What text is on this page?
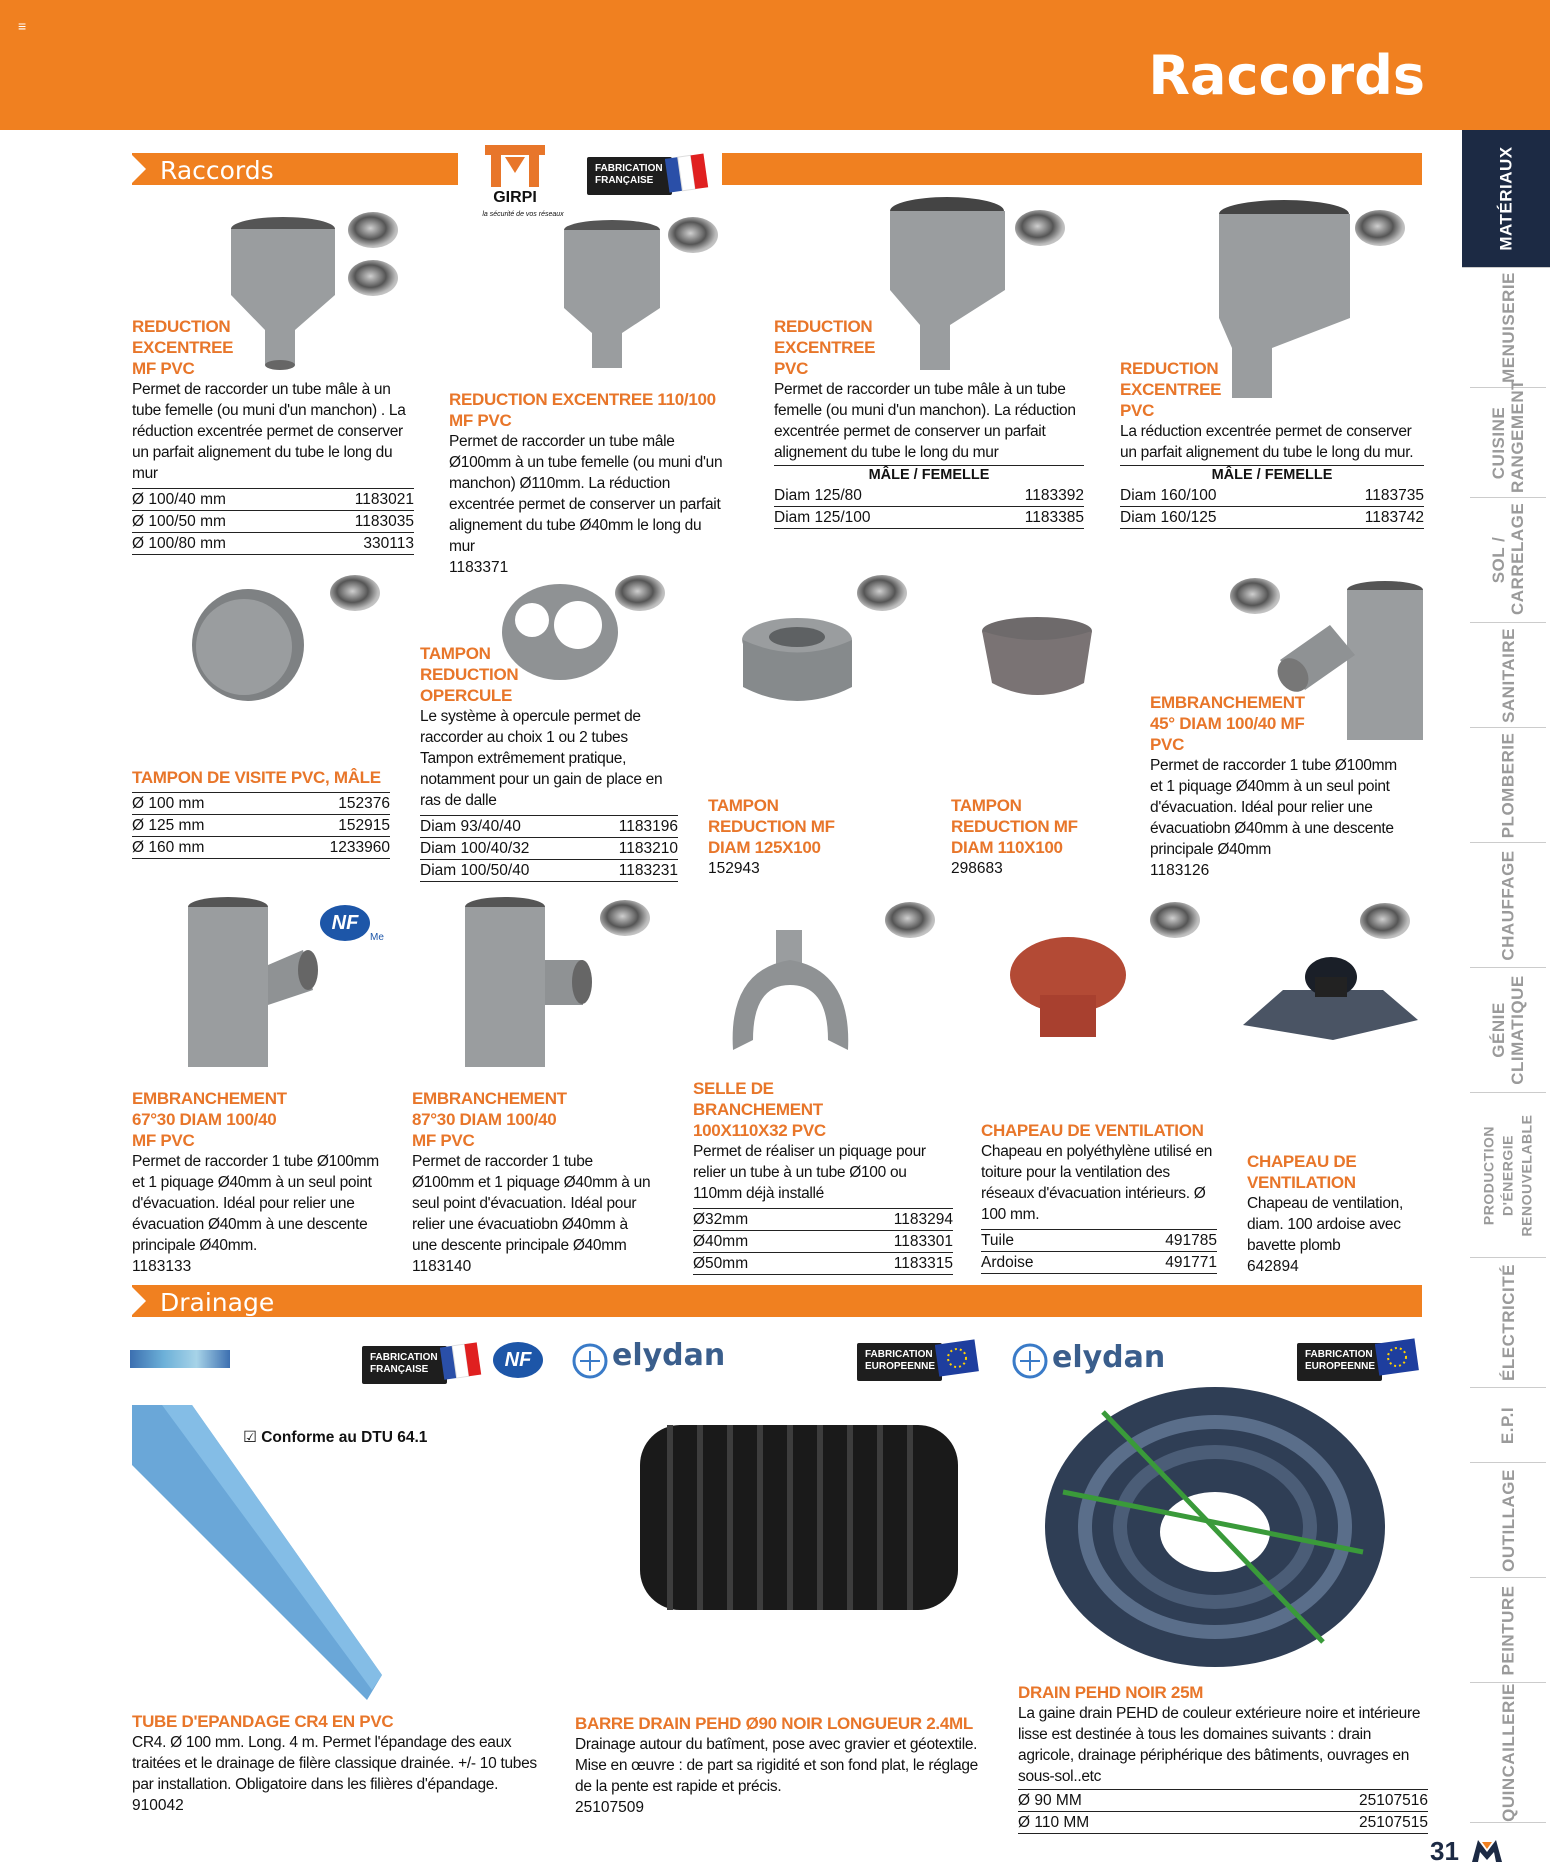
≡
Raccords
Raccords
GIRPI
la sécurité de vos réseaux
FABRICATION FRANÇAISE
REDUCTION EXCENTREE MF PVC
Permet de raccorder un tube mâle à un tube femelle (ou muni d'un manchon) . La réduction excentrée permet de conserver un parfait alignement du tube le long du mur
Ø 100/40 mm	1183021
Ø 100/50 mm	1183035
Ø 100/80 mm	330113
REDUCTION EXCENTREE 110/100 MF PVC
Permet de raccorder un tube mâle Ø100mm à un tube femelle (ou muni d'un manchon) Ø110mm. La réduction excentrée permet de conserver un parfait alignement du tube Ø40mm le long du mur
1183371
REDUCTION EXCENTREE PVC
Permet de raccorder un tube mâle à un tube femelle (ou muni d'un manchon). La réduction excentrée permet de conserver un parfait alignement du tube le long du mur
MÂLE / FEMELLE
Diam 125/80	1183392
Diam 125/100	1183385
REDUCTION EXCENTREE PVC
La réduction excentrée permet de conserver un parfait alignement du tube le long du mur.
MÂLE / FEMELLE
Diam 160/100	1183735
Diam 160/125	1183742
TAMPON DE VISITE PVC, MÂLE
Ø 100 mm	152376
Ø 125 mm	152915
Ø 160 mm	1233960
TAMPON REDUCTION OPERCULE
Le système à opercule permet de raccorder au choix 1 ou 2 tubes Tampon extrêmement pratique, notamment pour un gain de place en ras de dalle
Diam 93/40/40	1183196
Diam 100/40/32	1183210
Diam 100/50/40	1183231
TAMPON REDUCTION MF DIAM 125X100
152943
TAMPON REDUCTION MF DIAM 110X100
298683
EMBRANCHEMENT 45° DIAM 100/40 MF PVC
Permet de raccorder 1 tube Ø100mm et 1 piquage Ø40mm à un seul point d'évacuation. Idéal pour relier une évacuatiobn Ø40mm à une descente principale Ø40mm
1183126
NF
Me
EMBRANCHEMENT 67°30 DIAM 100/40 MF PVC
Permet de raccorder 1 tube Ø100mm et 1 piquage Ø40mm à un seul point d'évacuation. Idéal pour relier une évacuation Ø40mm à une descente principale Ø40mm.
1183133
EMBRANCHEMENT 87°30 DIAM 100/40 MF PVC
Permet de raccorder 1 tube Ø100mm et 1 piquage Ø40mm à un seul point d'évacuation. Idéal pour relier une évacuatiobn Ø40mm à une descente principale Ø40mm
1183140
SELLE DE BRANCHEMENT 100X110X32 PVC
Permet de réaliser un piquage pour relier un tube à un tube Ø100 ou 110mm déjà installé
Ø32mm	1183294
Ø40mm	1183301
Ø50mm	1183315
CHAPEAU DE VENTILATION
Chapeau en polyéthylène utilisé en toiture pour la ventilation des réseaux d'évacuation intérieurs. Ø 100 mm.
Tuile	491785
Ardoise	491771
CHAPEAU DE VENTILATION
Chapeau de ventilation, diam. 100 ardoise avec bavette plomb
642894
Drainage
FABRICATION FRANÇAISE	NF	elydan	FABRICATION EUROPEENNE	elydan	FABRICATION EUROPEENNE
☑ Conforme au DTU 64.1
TUBE D'EPANDAGE CR4 EN PVC
CR4. Ø 100 mm. Long. 4 m. Permet l'épandage des eaux traitées et le drainage de filère classique drainée. +/- 10 tubes par installation. Obligatoire dans les filières d'épandage.
910042
BARRE DRAIN PEHD Ø90 NOIR LONGUEUR 2.4ML
Drainage autour du batîment, pose avec gravier et géotextile. Mise en œuvre : de part sa rigidité et son fond plat, le réglage de la pente est rapide et précis.
25107509
DRAIN PEHD NOIR 25M
La gaine drain PEHD de couleur extérieure noire et intérieure lisse est destinée à tous les domaines suivants : drain agricole, drainage périphérique des bâtiments, ouvrages en sous-sol..etc
Ø 90 MM	25107516
Ø 110 MM	25107515
MATÉRIAUX
MENUISERIE
CUISINE RANGEMENT
SOL / CARRELAGE
SANITAIRE
PLOMBERIE
CHAUFFAGE
GÉNIE CLIMATIQUE
PRODUCTION D'ÉNERGIE RENOUVELABLE
ÉLECTRICITÉ
E.P.I
OUTILLAGE
PEINTURE
QUINCAILLERIE
31
